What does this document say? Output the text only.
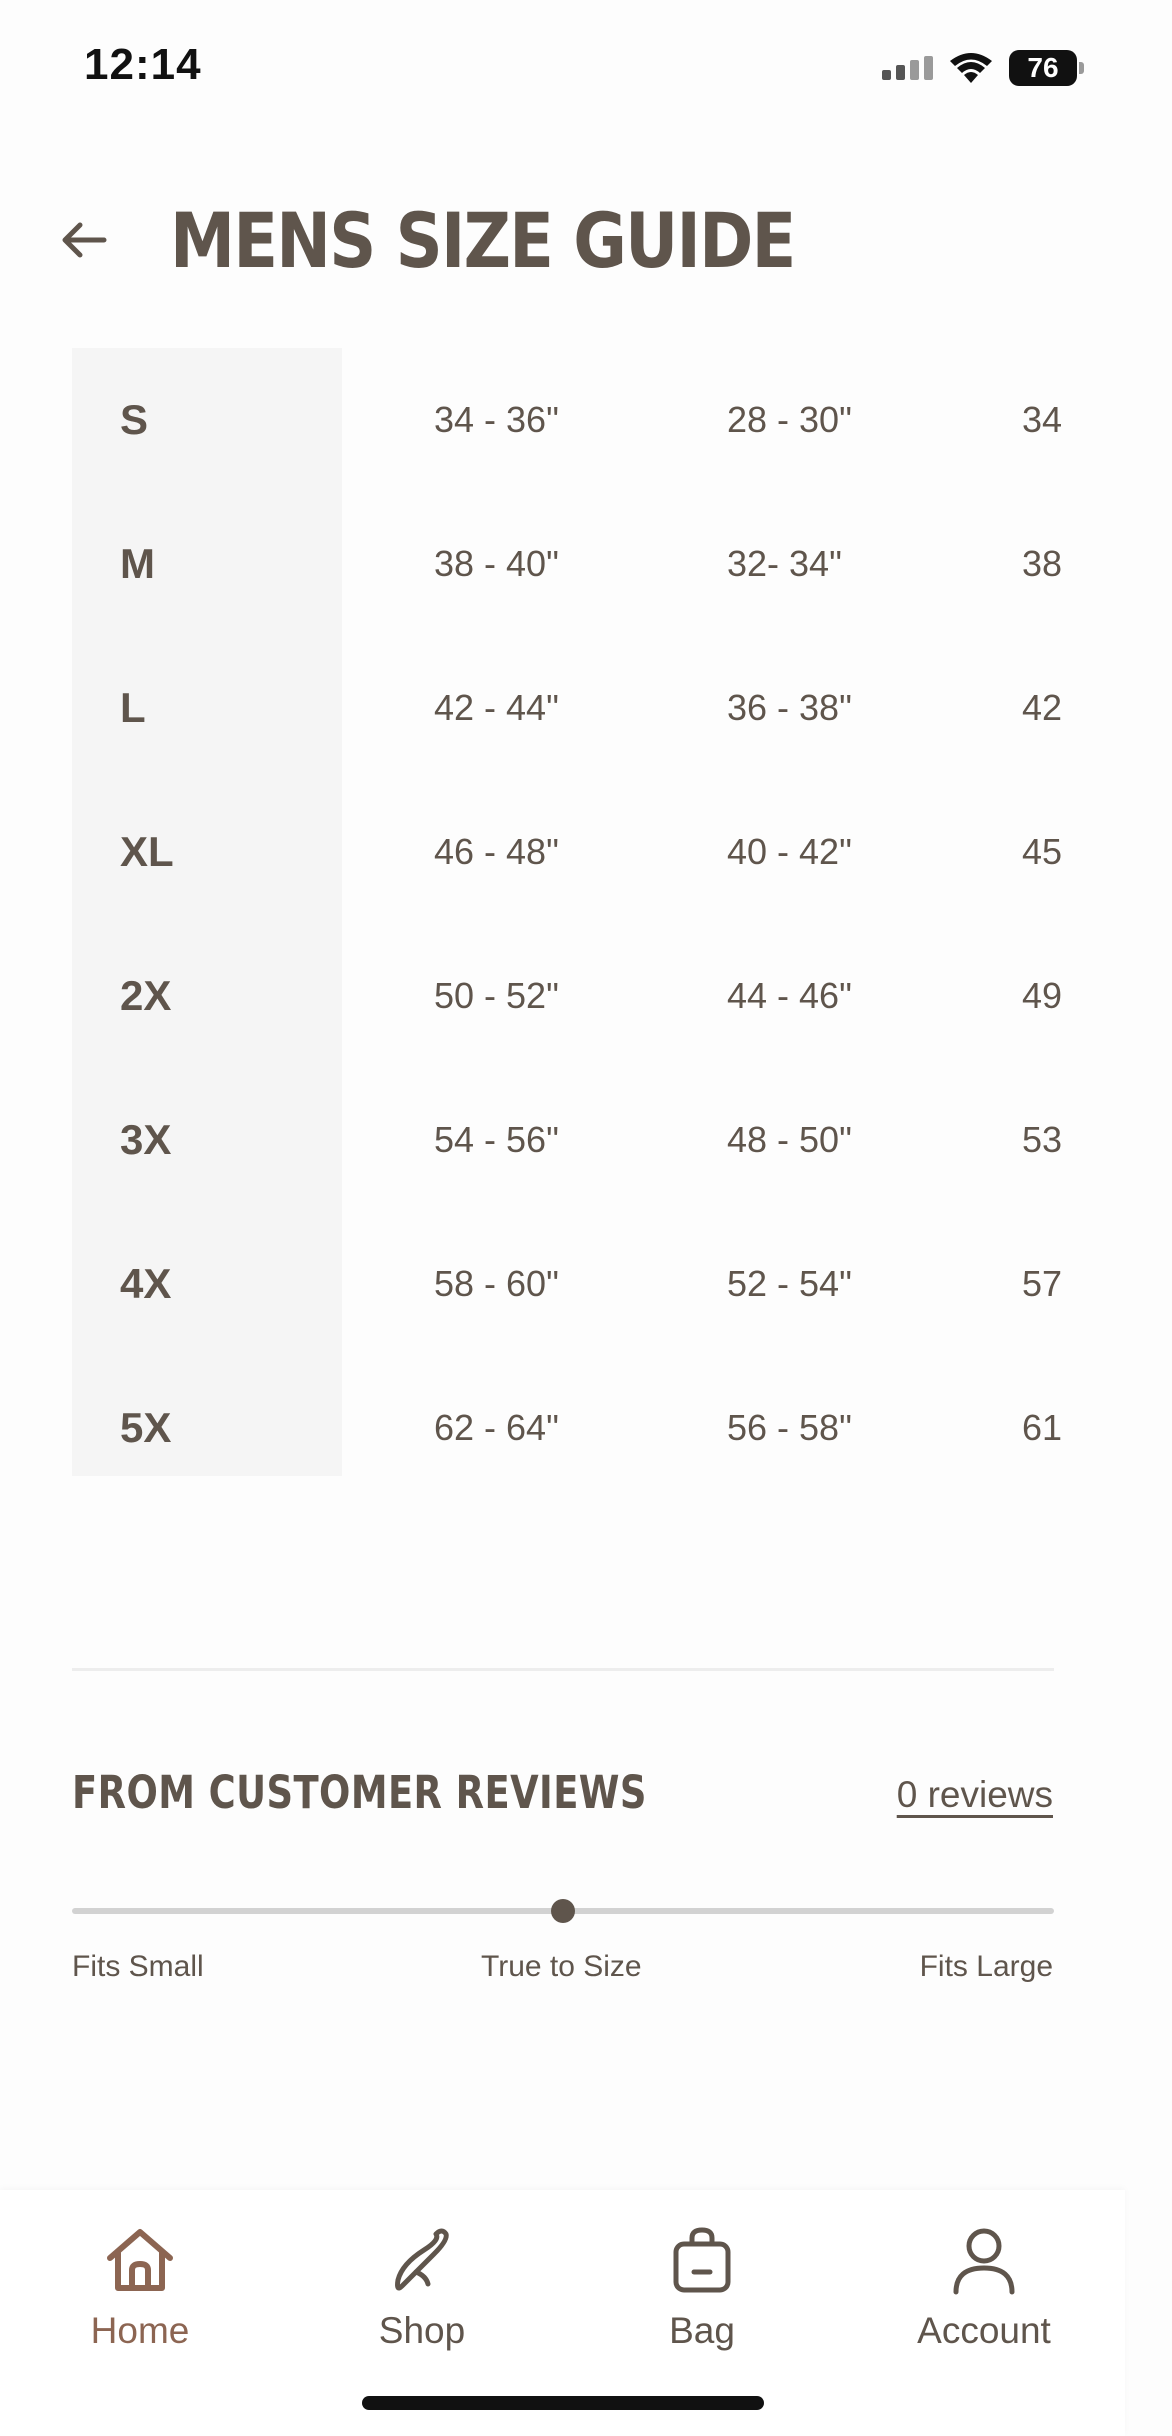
12:14	76
MENS SIZE GUIDE
S	34 - 36"	28 - 30"	34
M	38 - 40"	32- 34"	38
L	42 - 44"	36 - 38"	42
XL	46 - 48"	40 - 42"	45
2X	50 - 52"	44 - 46"	49
3X	54 - 56"	48 - 50"	53
4X	58 - 60"	52 - 54"	57
5X	62 - 64"	56 - 58"	61
FROM CUSTOMER REVIEWS	0 reviews
Fits Small	True to Size	Fits Large
Home	Shop	Bag	Account
